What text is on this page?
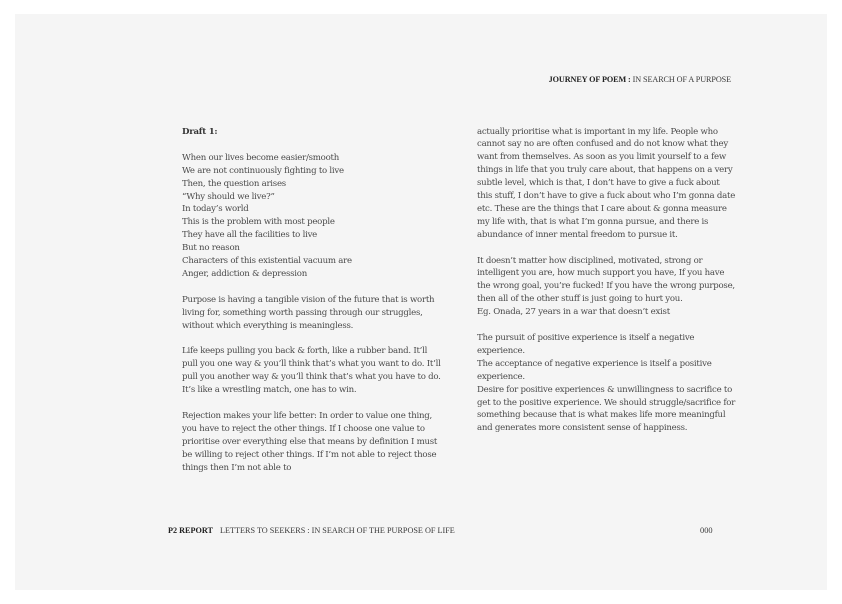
JOURNEY OF POEM : IN SEARCH OF A PURPOSE

Draft 1:

When our lives become easier/smooth
We are not continuously fighting to live
Then, the question arises
“Why should we live?”
In today’s world
This is the problem with most people
They have all the facilities to live
But no reason
Characters of this existential vacuum are
Anger, addiction & depression

Purpose is having a tangible vision of the future that is worth living for, something worth passing through our struggles, without which everything is meaningless.

Life keeps pulling you back & forth, like a rubber band. It’ll pull you one way & you’ll think that’s what you want to do. It’ll pull you another way & you’ll think that’s what you have to do. It’s like a wrestling match, one has to win.

Rejection makes your life better: In order to value one thing, you have to reject the other things. If I choose one value to prioritise over everything else that means by definition I must be willing to reject other things. If I’m not able to reject those things then I’m not able to

actually prioritise what is important in my life. People who cannot say no are often confused and do not know what they want from themselves. As soon as you limit yourself to a few things in life that you truly care about, that happens on a very subtle level, which is that, I don’t have to give a fuck about this stuff, I don’t have to give a fuck about who I’m gonna date etc. These are the things that I care about & gonna measure my life with, that is what I’m gonna pursue, and there is abundance of inner mental freedom to pursue it.

It doesn’t matter how disciplined, motivated, strong or intelligent you are, how much support you have, If you have the wrong goal, you’re fucked! If you have the wrong purpose, then all of the other stuff is just going to hurt you.

Eg. Onada, 27 years in a war that doesn’t exist

The pursuit of positive experience is itself a negative experience.

The acceptance of negative experience is itself a positive experience.

Desire for positive experiences & unwillingness to sacrifice to get to the positive experience. We should struggle/sacrifice for something because that is what makes life more meaningful and generates more consistent sense of happiness.

P2 REPORT LETTERS TO SEEKERS : IN SEARCH OF THE PURPOSE OF LIFE	000
